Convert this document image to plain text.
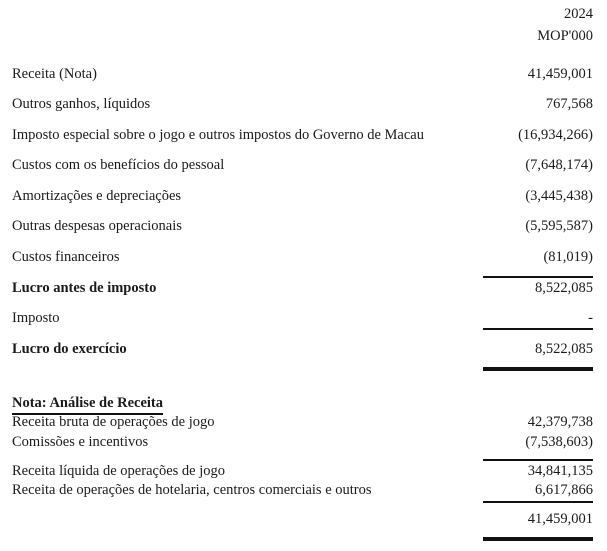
2024
MOP'000
Receita (Nota)	41,459,001
Outros ganhos, líquidos	767,568
Imposto especial sobre o jogo e outros impostos do Governo de Macau	(16,934,266)
Custos com os benefícios do pessoal	(7,648,174)
Amortizações e depreciações	(3,445,438)
Outras despesas operacionais	(5,595,587)
Custos financeiros	(81,019)
Lucro antes de imposto	8,522,085
Imposto	-
Lucro do exercício	8,522,085
Nota: Análise de Receita
Receita bruta de operações de jogo	42,379,738
Comissões e incentivos	(7,538,603)
Receita líquida de operações de jogo	34,841,135
Receita de operações de hotelaria, centros comerciais e outros	6,617,866
41,459,001
